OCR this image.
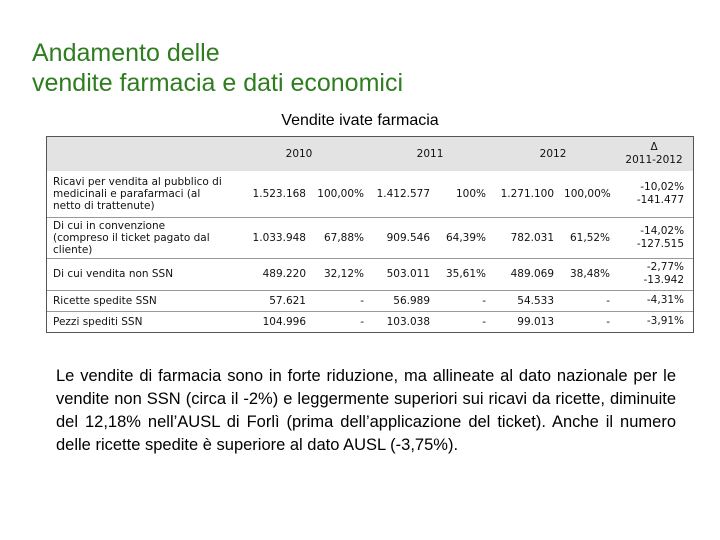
Andamento delle
vendite farmacia e dati economici
Vendite ivate farmacia
	2010		2011		2012		Δ
2011-2012

Ricavi per vendita al pubblico di medicinali e parafarmaci (al netto di trattenute)	1.523.168	100,00%	1.412.577	100%	1.271.100	100,00%	-10,02%
-141.477

Di cui in convenzione (compreso il ticket pagato dal cliente)	1.033.948	67,88%	909.546	64,39%	782.031	61,52%	-14,02%
-127.515

Di cui vendita non SSN	489.220	32,12%	503.011	35,61%	489.069	38,48%	-2,77%
-13.942

Ricette spedite SSN	57.621	-	56.989	-	54.533	-	-4,31%

Pezzi spediti SSN	104.996	-	103.038	-	99.013	-	-3,91%
Le vendite di farmacia sono in forte riduzione, ma allineate al dato nazionale per le vendite non SSN (circa il -2%) e leggermente superiori sui ricavi da ricette, diminuite del 12,18% nell’AUSL di Forlì (prima dell’applicazione del ticket). Anche il numero delle ricette spedite è superiore al dato AUSL (-3,75%).
